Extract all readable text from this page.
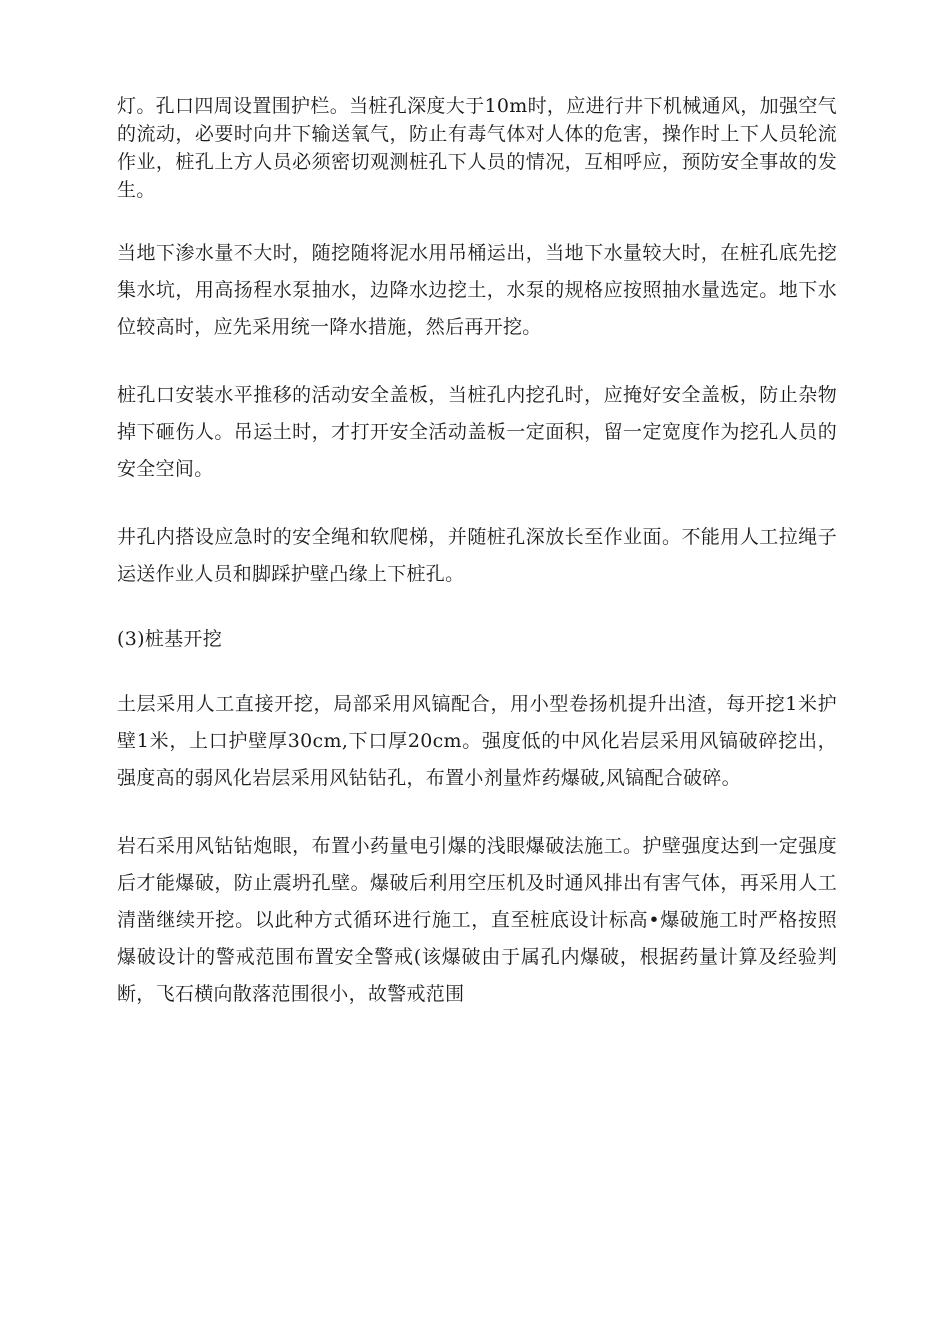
灯。孔口四周设置围护栏。当桩孔深度大于10m时，应进行井下机械通风，加强空气的流动，必要时向井下输送氧气，防止有毒气体对人体的危害，操作时上下人员轮流作业，桩孔上方人员必须密切观测桩孔下人员的情况，互相呼应，预防安全事故的发生。

当地下渗水量不大时，随挖随将泥水用吊桶运出，当地下水量较大时，在桩孔底先挖集水坑，用高扬程水泵抽水，边降水边挖土，水泵的规格应按照抽水量选定。地下水位较高时，应先采用统一降水措施，然后再开挖。

桩孔口安装水平推移的活动安全盖板，当桩孔内挖孔时，应掩好安全盖板，防止杂物掉下砸伤人。吊运土时，才打开安全活动盖板一定面积，留一定宽度作为挖孔人员的安全空间。

井孔内搭设应急时的安全绳和软爬梯，并随桩孔深放长至作业面。不能用人工拉绳子运送作业人员和脚踩护壁凸缘上下桩孔。

(3)桩基开挖

土层采用人工直接开挖，局部采用风镐配合，用小型卷扬机提升出渣，每开挖1米护壁1米，上口护壁厚30cm,下口厚20cm。强度低的中风化岩层采用风镐破碎挖出，强度高的弱风化岩层采用风钻钻孔，布置小剂量炸药爆破,风镐配合破碎。

岩石采用风钻钻炮眼，布置小药量电引爆的浅眼爆破法施工。护壁强度达到一定强度后才能爆破，防止震坍孔壁。爆破后利用空压机及时通风排出有害气体，再采用人工清凿继续开挖。以此种方式循环进行施工，直至桩底设计标高•爆破施工时严格按照爆破设计的警戒范围布置安全警戒(该爆破由于属孔内爆破，根据药量计算及经验判断，飞石横向散落范围很小，故警戒范围
